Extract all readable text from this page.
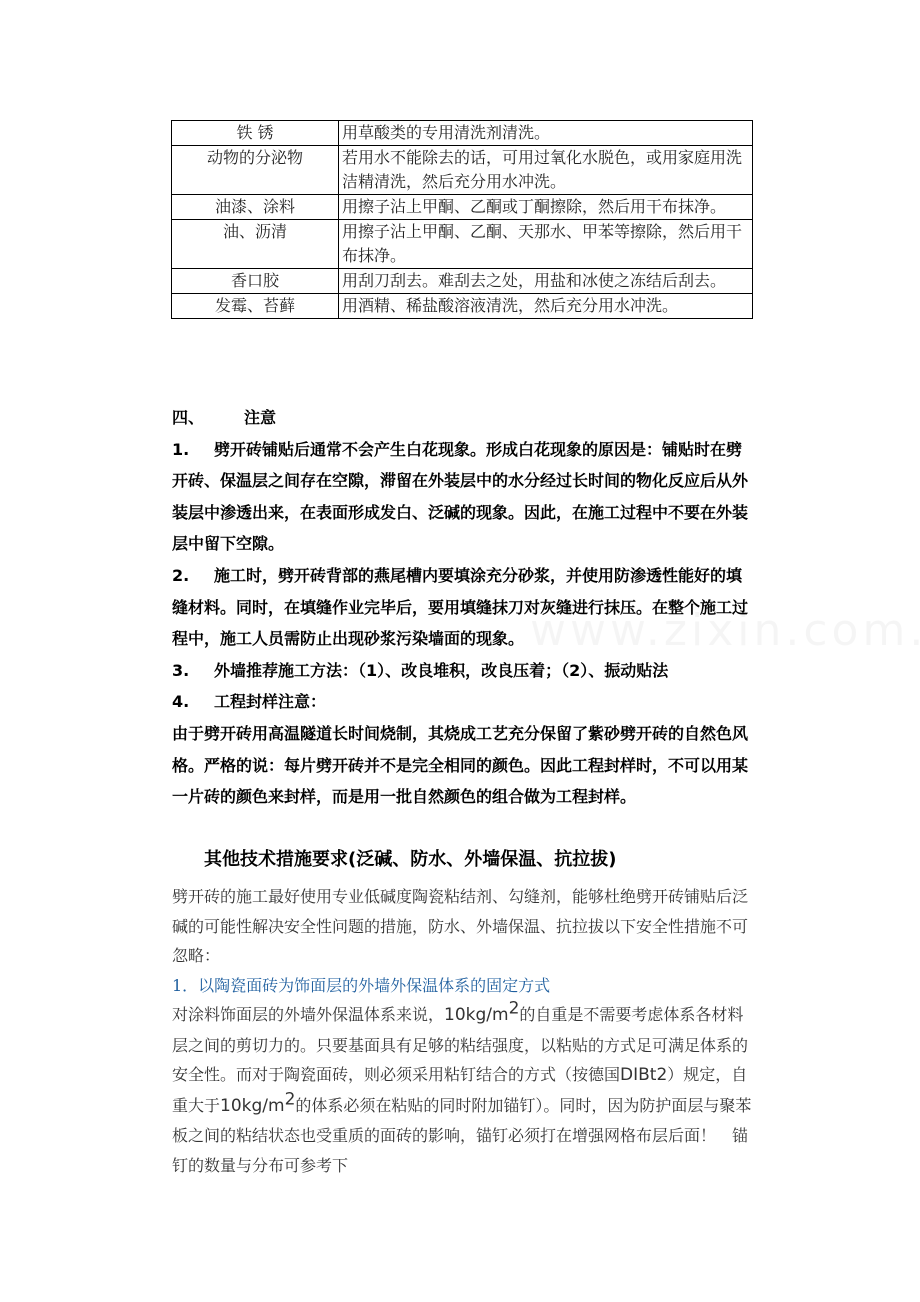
铁 锈	用草酸类的专用清洗剂清洗。
动物的分泌物	若用水不能除去的话，可用过氧化水脱色，或用家庭用洗洁精清洗，然后充分用水冲洗。
油漆、涂料	用擦子沾上甲酮、乙酮或丁酮擦除，然后用干布抹净。
油、沥清	用擦子沾上甲酮、乙酮、天那水、甲苯等擦除，然后用干布抹净。
香口胶	用刮刀刮去。难刮去之处，用盐和冰使之冻结后刮去。
发霉、苔藓	用酒精、稀盐酸溶液清洗，然后充分用水冲洗。

四、 注意

1. 劈开砖铺贴后通常不会产生白花现象。形成白花现象的原因是：铺贴时在劈开砖、保温层之间存在空隙，滞留在外装层中的水分经过长时间的物化反应后从外装层中渗透出来，在表面形成发白、泛碱的现象。因此，在施工过程中不要在外装层中留下空隙。

2. 施工时，劈开砖背部的燕尾槽内要填涂充分砂浆，并使用防渗透性能好的填缝材料。同时，在填缝作业完毕后，要用填缝抹刀对灰缝进行抹压。在整个施工过程中，施工人员需防止出现砂浆污染墙面的现象。

3. 外墙推荐施工方法：（1）、改良堆积，改良压着；（2）、振动贴法

4. 工程封样注意：

由于劈开砖用高温隧道长时间烧制，其烧成工艺充分保留了紫砂劈开砖的自然色风格。严格的说：每片劈开砖并不是完全相同的颜色。因此工程封样时，不可以用某一片砖的颜色来封样，而是用一批自然颜色的组合做为工程封样。

其他技术措施要求(泛碱、防水、外墙保温、抗拉拔)

劈开砖的施工最好使用专业低碱度陶瓷粘结剂、勾缝剂，能够杜绝劈开砖铺贴后泛碱的可能性解决安全性问题的措施，防水、外墙保温、抗拉拔以下安全性措施不可忽略：

1．以陶瓷面砖为饰面层的外墙外保温体系的固定方式

对涂料饰面层的外墙外保温体系来说，$10kg/m^2$的自重是不需要考虑体系各材料层之间的剪切力的。只要基面具有足够的粘结强度，以粘贴的方式足可满足体系的安全性。而对于陶瓷面砖，则必须采用粘钉结合的方式（按德国DIBt2）规定，自重大于$10kg/m^2$的体系必须在粘贴的同时附加锚钉）。同时，因为防护面层与聚苯板之间的粘结状态也受重质的面砖的影响，锚钉必须打在增强网格布层后面！　锚钉的数量与分布可参考下
